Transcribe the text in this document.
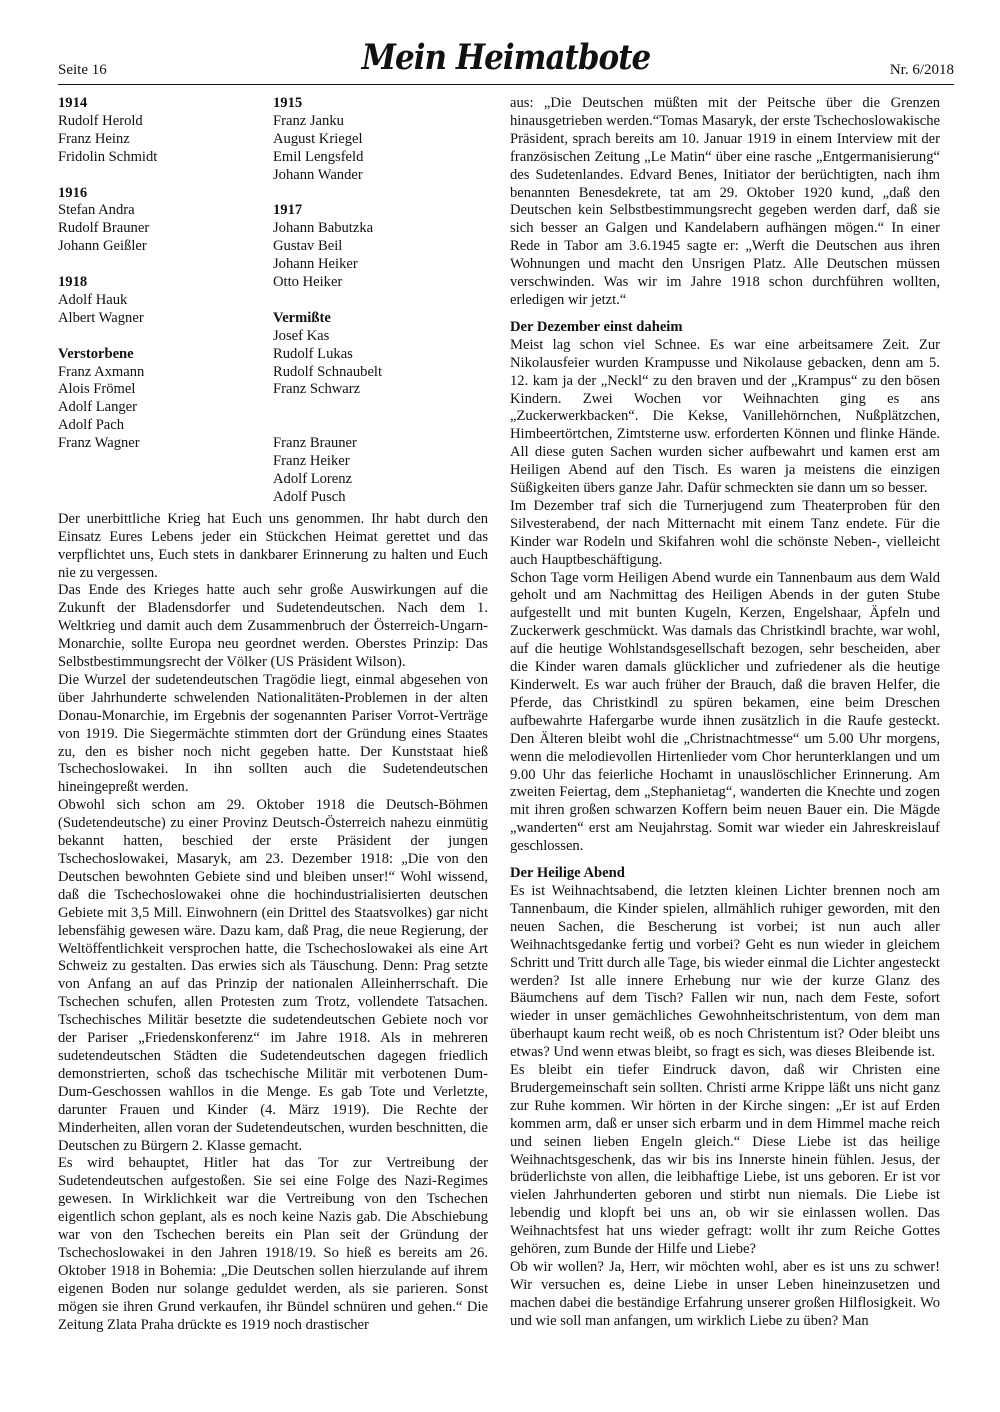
Seite 16	Mein Heimatbote	Nr. 6/2018
1914
Rudolf Herold
Franz Heinz
Fridolin Schmidt
1916
Stefan Andra
Rudolf Brauner
Johann Geißler
1918
Adolf Hauk
Albert Wagner
Verstorbene
Franz Axmann
Alois Frömel
Adolf Langer
Adolf Pach
Franz Wagner
1915
Franz Janku
August Kriegel
Emil Lengsfeld
Johann Wander
1917
Johann Babutzka
Gustav Beil
Johann Heiker
Otto Heiker
Vermißte
Josef Kas
Rudolf Lukas
Rudolf Schnaubelt
Franz Schwarz

Franz Brauner
Franz Heiker
Adolf Lorenz
Adolf Pusch

Der unerbittliche Krieg hat Euch uns genommen. Ihr habt durch den Einsatz Eures Lebens jeder ein Stückchen Heimat gerettet und das verpflichtet uns, Euch stets in dankbarer Erinnerung zu halten und Euch nie zu vergessen.

Das Ende des Krieges hatte auch sehr große Auswirkungen auf die Zukunft der Bladensdorfer und Sudetendeutschen. Nach dem 1. Weltkrieg und damit auch dem Zusammenbruch der Österreich-Ungarn-Monarchie, sollte Europa neu geordnet werden. Oberstes Prinzip: Das Selbstbestimmungsrecht der Völker (US Präsident Wilson).

Die Wurzel der sudetendeutschen Tragödie liegt, einmal abgesehen von über Jahrhunderte schwelenden Nationalitäten-Problemen in der alten Donau-Monarchie, im Ergebnis der sogenannten Pariser Vorrot-Verträge von 1919. Die Siegermächte stimmten dort der Gründung eines Staates zu, den es bisher noch nicht gegeben hatte. Der Kunststaat hieß Tschechoslowakei. In ihn sollten auch die Sudetendeutschen hineingepreßt werden.

Obwohl sich schon am 29. Oktober 1918 die Deutsch-Böhmen (Sudetendeutsche) zu einer Provinz Deutsch-Österreich nahezu einmütig bekannt hatten, beschied der erste Präsident der jungen Tschechoslowakei, Masaryk, am 23. Dezember 1918: „Die von den Deutschen bewohnten Gebiete sind und bleiben unser!“ Wohl wissend, daß die Tschechoslowakei ohne die hochindustrialisierten deutschen Gebiete mit 3,5 Mill. Einwohnern (ein Drittel des Staatsvolkes) gar nicht lebensfähig gewesen wäre. Dazu kam, daß Prag, die neue Regierung, der Weltöffentlichkeit versprochen hatte, die Tschechoslowakei als eine Art Schweiz zu gestalten. Das erwies sich als Täuschung. Denn: Prag setzte von Anfang an auf das Prinzip der nationalen Alleinherrschaft. Die Tschechen schufen, allen Protesten zum Trotz, vollendete Tatsachen. Tschechisches Militär besetzte die sudetendeutschen Gebiete noch vor der Pariser „Friedenskonferenz“ im Jahre 1918. Als in mehreren sudetendeutschen Städten die Sudetendeutschen dagegen friedlich demonstrierten, schoß das tschechische Militär mit verbotenen Dum-Dum-Geschossen wahllos in die Menge. Es gab Tote und Verletzte, darunter Frauen und Kinder (4. März 1919). Die Rechte der Minderheiten, allen voran der Sudetendeutschen, wurden beschnitten, die Deutschen zu Bürgern 2. Klasse gemacht.

Es wird behauptet, Hitler hat das Tor zur Vertreibung der Sudetendeutschen aufgestoßen. Sie sei eine Folge des Nazi-Regimes gewesen. In Wirklichkeit war die Vertreibung von den Tschechen eigentlich schon geplant, als es noch keine Nazis gab. Die Abschiebung war von den Tschechen bereits ein Plan seit der Gründung der Tschechoslowakei in den Jahren 1918/19. So hieß es bereits am 26. Oktober 1918 in Bohemia: „Die Deutschen sollen hierzulande auf ihrem eigenen Boden nur solange geduldet werden, als sie parieren. Sonst mögen sie ihren Grund verkaufen, ihr Bündel schnüren und gehen.“ Die Zeitung Zlata Praha drückte es 1919 noch drastischer

aus: „Die Deutschen müßten mit der Peitsche über die Grenzen hinausgetrieben werden.“Tomas Masaryk, der erste Tschechoslowakische Präsident, sprach bereits am 10. Januar 1919 in einem Interview mit der französischen Zeitung „Le Matin“ über eine rasche „Entgermanisierung“ des Sudetenlandes. Edvard Benes, Initiator der berüchtigten, nach ihm benannten Benesdekrete, tat am 29. Oktober 1920 kund, „daß den Deutschen kein Selbstbestimmungsrecht gegeben werden darf, daß sie sich besser an Galgen und Kandelabern aufhängen mögen.“ In einer Rede in Tabor am 3.6.1945 sagte er: „Werft die Deutschen aus ihren Wohnungen und macht den Unsrigen Platz. Alle Deutschen müssen verschwinden. Was wir im Jahre 1918 schon durchführen wollten, erledigen wir jetzt.“

Der Dezember einst daheim

Meist lag schon viel Schnee. Es war eine arbeitsamere Zeit. Zur Nikolausfeier wurden Krampusse und Nikolause gebacken, denn am 5. 12. kam ja der „Neckl“ zu den braven und der „Krampus“ zu den bösen Kindern. Zwei Wochen vor Weihnachten ging es ans „Zuckerwerkbacken“. Die Kekse, Vanillehörnchen, Nußplätzchen, Himbeertörtchen, Zimtsterne usw. erforderten Können und flinke Hände. All diese guten Sachen wurden sicher aufbewahrt und kamen erst am Heiligen Abend auf den Tisch. Es waren ja meistens die einzigen Süßigkeiten übers ganze Jahr. Dafür schmeckten sie dann um so besser.

Im Dezember traf sich die Turnerjugend zum Theaterproben für den Silvesterabend, der nach Mitternacht mit einem Tanz endete. Für die Kinder war Rodeln und Skifahren wohl die schönste Neben-, vielleicht auch Hauptbeschäftigung.

Schon Tage vorm Heiligen Abend wurde ein Tannenbaum aus dem Wald geholt und am Nachmittag des Heiligen Abends in der guten Stube aufgestellt und mit bunten Kugeln, Kerzen, Engelshaar, Äpfeln und Zuckerwerk geschmückt. Was damals das Christkindl brachte, war wohl, auf die heutige Wohlstandsgesellschaft bezogen, sehr bescheiden, aber die Kinder waren damals glücklicher und zufriedener als die heutige Kinderwelt. Es war auch früher der Brauch, daß die braven Helfer, die Pferde, das Christkindl zu spüren bekamen, eine beim Dreschen aufbewahrte Hafergarbe wurde ihnen zusätzlich in die Raufe gesteckt. Den Älteren bleibt wohl die „Christnachtmesse“ um 5.00 Uhr morgens, wenn die melodievollen Hirtenlieder vom Chor herunterklangen und um 9.00 Uhr das feierliche Hochamt in unauslöschlicher Erinnerung. Am zweiten Feiertag, dem „Stephanietag“, wanderten die Knechte und zogen mit ihren großen schwarzen Koffern beim neuen Bauer ein. Die Mägde „wanderten“ erst am Neujahrstag. Somit war wieder ein Jahreskreislauf geschlossen.

Der Heilige Abend

Es ist Weihnachtsabend, die letzten kleinen Lichter brennen noch am Tannenbaum, die Kinder spielen, allmählich ruhiger geworden, mit den neuen Sachen, die Bescherung ist vorbei; ist nun auch aller Weihnachtsgedanke fertig und vorbei? Geht es nun wieder in gleichem Schritt und Tritt durch alle Tage, bis wieder einmal die Lichter angesteckt werden? Ist alle innere Erhebung nur wie der kurze Glanz des Bäumchens auf dem Tisch? Fallen wir nun, nach dem Feste, sofort wieder in unser gemächliches Gewohnheitschristentum, von dem man überhaupt kaum recht weiß, ob es noch Christentum ist? Oder bleibt uns etwas? Und wenn etwas bleibt, so fragt es sich, was dieses Bleibende ist.

Es bleibt ein tiefer Eindruck davon, daß wir Christen eine Brudergemeinschaft sein sollten. Christi arme Krippe läßt uns nicht ganz zur Ruhe kommen. Wir hörten in der Kirche singen: „Er ist auf Erden kommen arm, daß er unser sich erbarm und in dem Himmel mache reich und seinen lieben Engeln gleich.“ Diese Liebe ist das heilige Weihnachtsgeschenk, das wir bis ins Innerste hinein fühlen. Jesus, der brüderlichste von allen, die leibhaftige Liebe, ist uns geboren. Er ist vor vielen Jahrhunderten geboren und stirbt nun niemals. Die Liebe ist lebendig und klopft bei uns an, ob wir sie einlassen wollen. Das Weihnachtsfest hat uns wieder gefragt: wollt ihr zum Reiche Gottes gehören, zum Bunde der Hilfe und Liebe?

Ob wir wollen? Ja, Herr, wir möchten wohl, aber es ist uns zu schwer! Wir versuchen es, deine Liebe in unser Leben hineinzusetzen und machen dabei die beständige Erfahrung unserer großen Hilflosigkeit. Wo und wie soll man anfangen, um wirklich Liebe zu üben? Man
